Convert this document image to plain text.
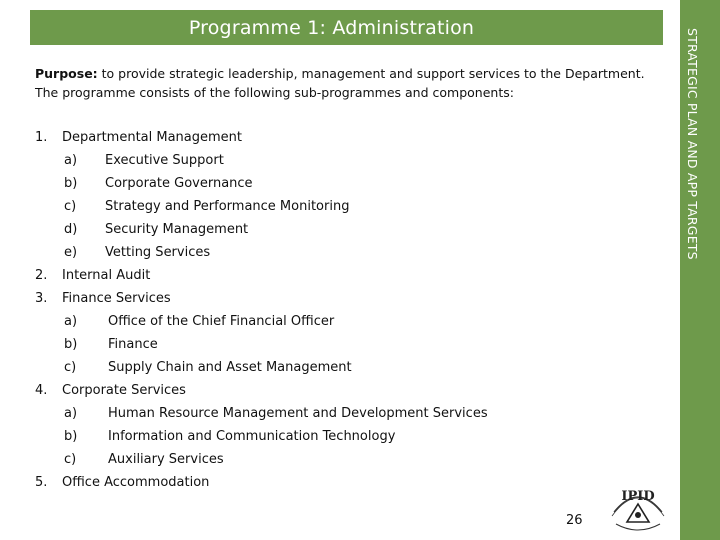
Programme 1: Administration
STRATEGIC PLAN AND APP TARGETS
Purpose: to provide strategic leadership, management and support services to the Department. The programme consists of the following sub-programmes and components:
1. Departmental Management
a) Executive Support
b) Corporate Governance
c) Strategy and Performance Monitoring
d) Security Management
e) Vetting Services
2. Internal Audit
3. Finance Services
a) Office of the Chief Financial Officer
b) Finance
c) Supply Chain and Asset Management
4. Corporate Services
a) Human Resource Management and Development Services
b) Information and Communication Technology
c) Auxiliary Services
5. Office Accommodation
26
IPID
